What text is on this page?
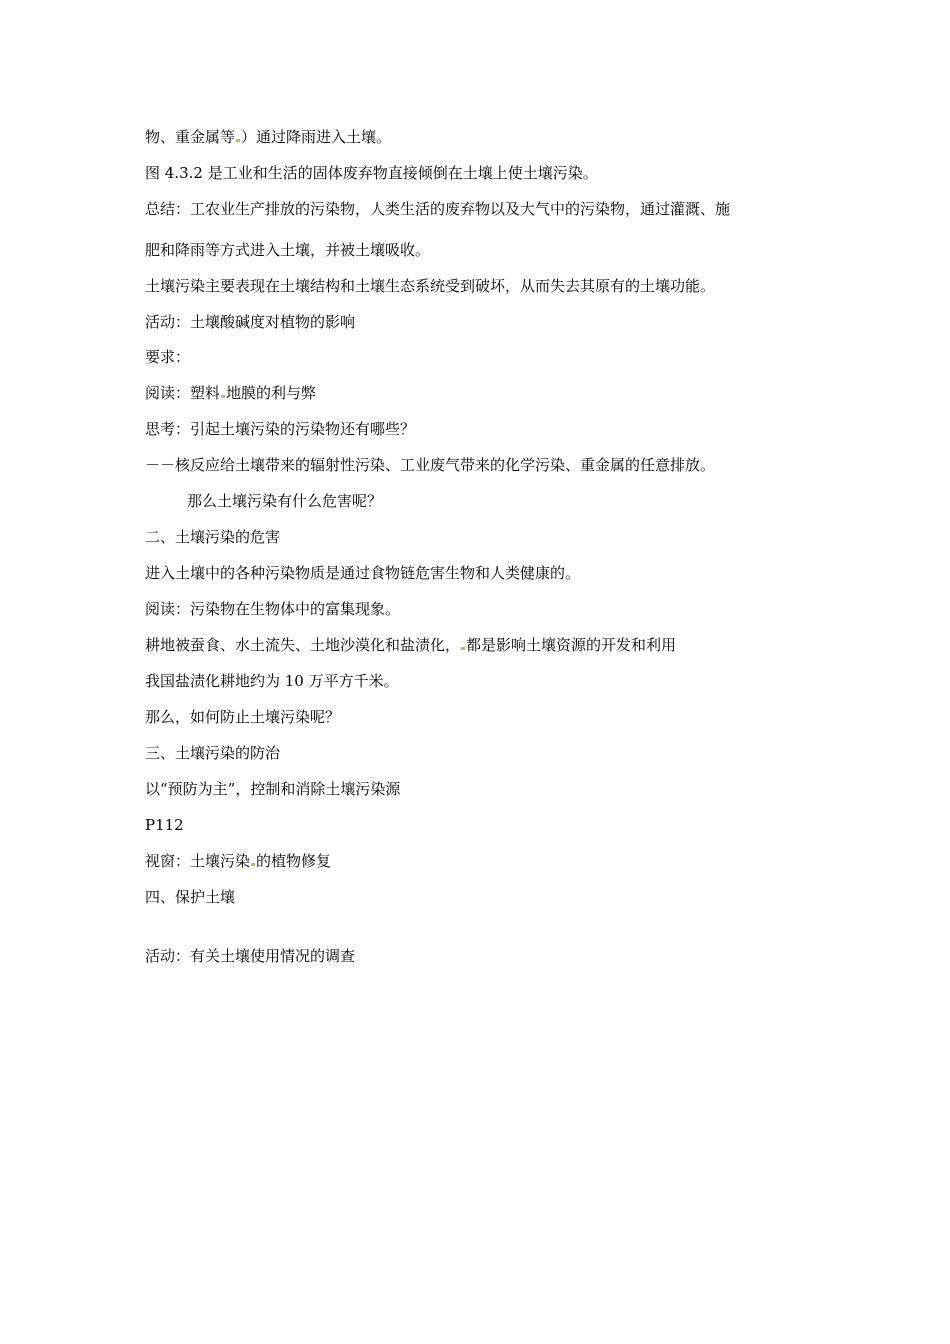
物、重金属等 ）通过降雨进入土壤。
图 4.3.2 是工业和生活的固体废弃物直接倾倒在土壤上使土壤污染。
总结：工农业生产排放的污染物，人类生活的废弃物以及大气中的污染物，通过灌溉、施
肥和降雨等方式进入土壤，并被土壤吸收。
土壤污染主要表现在土壤结构和土壤生态系统受到破坏，从而失去其原有的土壤功能。
活动：土壤酸碱度对植物的影响
要求：
阅读：塑料 地膜的利与弊
思考：引起土壤污染的污染物还有哪些？
－－核反应给土壤带来的辐射性污染、工业废气带来的化学污染、重金属的任意排放。
那么土壤污染有什么危害呢？
二、土壤污染的危害
进入土壤中的各种污染物质是通过食物链危害生物和人类健康的。
阅读：污染物在生物体中的富集现象。
耕地被蚕食、水土流失、土地沙漠化和盐渍化， 都是影响土壤资源的开发和利用
我国盐渍化耕地约为 10 万平方千米。
那么，如何防止土壤污染呢？
三、土壤污染的防治
以“预防为主”，控制和消除土壤污染源
P112
视窗：土壤污染 的植物修复
四、保护土壤
活动：有关土壤使用情况的调查
